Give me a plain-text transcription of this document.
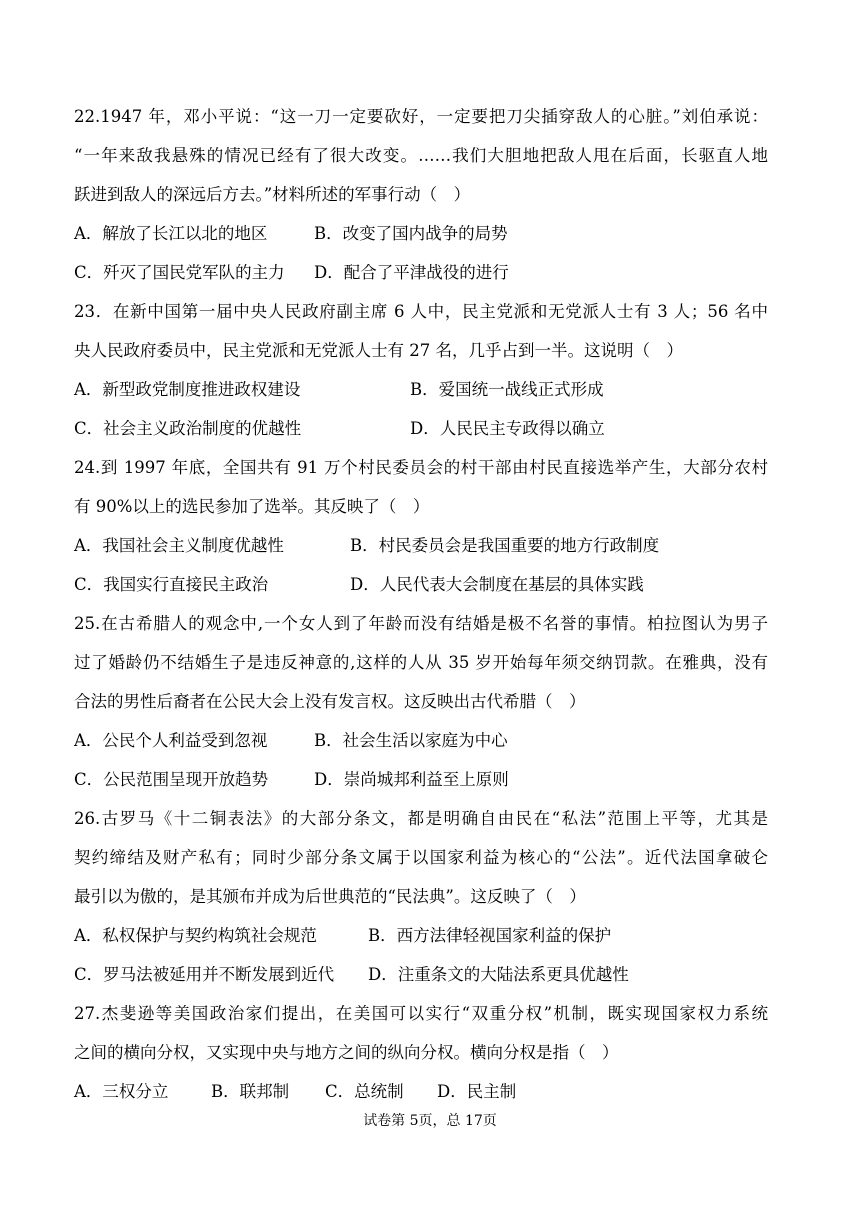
22.1947 年，邓小平说：“这一刀一定要砍好，一定要把刀尖插穿敌人的心脏。”刘伯承说：
“一年来敌我悬殊的情况已经有了很大改变。……我们大胆地把敌人甩在后面，长驱直人地
跃进到敌人的深远后方去。”材料所述的军事行动（　）
A．解放了长江以北的地区	B．改变了国内战争的局势
C．歼灭了国民党军队的主力 D．配合了平津战役的进行
23．在新中国第一届中央人民政府副主席 6 人中，民主党派和无党派人士有 3 人；56 名中
央人民政府委员中，民主党派和无党派人士有 27 名，几乎占到一半。这说明（　）
A．新型政党制度推进政权建设	B．爱国统一战线正式形成
C．社会主义政治制度的优越性	D．人民民主专政得以确立
24.到 1997 年底，全国共有 91 万个村民委员会的村干部由村民直接选举产生，大部分农村
有 90%以上的选民参加了选举。其反映了（　）
A．我国社会主义制度优越性	B．村民委员会是我国重要的地方行政制度
C．我国实行直接民主政治	D．人民代表大会制度在基层的具体实践
25.在古希腊人的观念中,一个女人到了年龄而没有结婚是极不名誉的事情。柏拉图认为男子
过了婚龄仍不结婚生子是违反神意的,这样的人从 35 岁开始每年须交纳罚款。在雅典，没有
合法的男性后裔者在公民大会上没有发言权。这反映出古代希腊（　）
A．公民个人利益受到忽视	B．社会生活以家庭为中心
C．公民范围呈现开放趋势	D．崇尚城邦利益至上原则
26.古罗马《十二铜表法》的大部分条文，都是明确自由民在“私法”范围上平等，尤其是
契约缔结及财产私有；同时少部分条文属于以国家利益为核心的“公法”。近代法国拿破仑
最引以为傲的，是其颁布并成为后世典范的“民法典”。这反映了（　）
A．私权保护与契约构筑社会规范	B．西方法律轻视国家利益的保护
C．罗马法被延用并不断发展到近代 D．注重条文的大陆法系更具优越性
27.杰斐逊等美国政治家们提出，在美国可以实行“双重分权”机制，既实现国家权力系统
之间的横向分权，又实现中央与地方之间的纵向分权。横向分权是指（　）
A．三权分立	B．联邦制 C．总统制 D．民主制
试卷第 5页，总 17页
